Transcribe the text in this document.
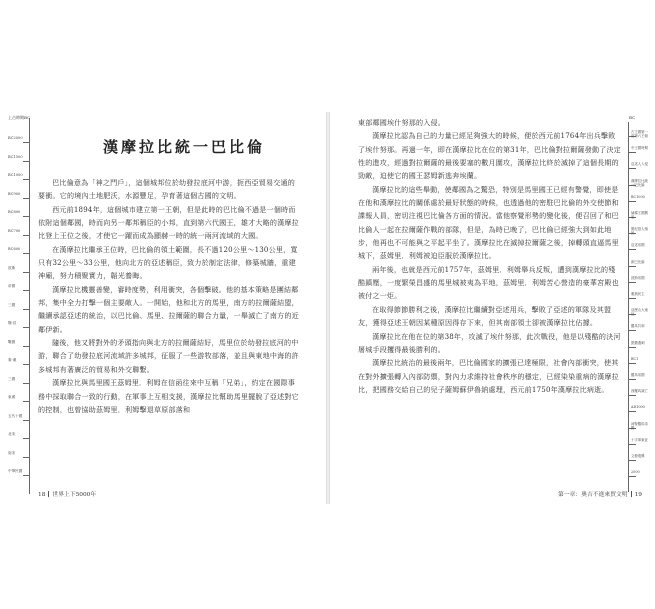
上古時期 BC
BC2000
BC1500
BC1000
BC900
BC800
BC700
BC600
波斯
帝國
三國
魏·晉
戰國
秦·漢
三國
東漢
五代十國
北宋
南宋
中華民國
漢摩拉比統一巴比倫

巴比倫意為「神之門戶」，這個城邦位於幼發拉底河中游，扼西亞貿易交通的要衝。它的境內土地肥沃，水源豐足，孕育著這個古國的文明。

西元前1894年，這個城市建立第一王朝，但是此時的巴比倫不過是一個時而依附這個鄰國，時而向另一鄰邦稱臣的小邦，直到第六代國王，雄才大略的漢摩拉比登上王位之後，才使它一躍而成為顯赫一時的統一兩河流域的大國。

在漢摩拉比繼承王位時，巴比倫的領土範圍，長不過120公里～130公里，寬只有32公里～33公里，他向北方的亞述稱臣，致力於制定法律，修築城牆，重建神廟，努力積聚實力，韜光養晦。

漢摩拉比機靈善變，審時度勢，利用衝突，各個擊破。他的基本策略是團結鄰邦，集中全力打擊一個主要敵人。一開始，他和北方的馬里，南方的拉爾薩結盟，繼續承認亞述的統治，以巴比倫、馬里、拉爾薩的聯合力量，一舉滅亡了南方的近鄰伊新。

隨後，他又將對外的矛頭指向與北方的拉爾薩結好，馬里位於幼發拉底河的中游，聯合了幼發拉底河流域許多城邦，征服了一些游牧部落，並且與東地中海的許多城邦有著廣泛的貿易和外交聯繫。

漢摩拉比與馬里國王茲姆里．利姆在信函往來中互稱「兄弟」，約定在國際事務中採取聯合一致的行動，在軍事上互相支援，漢摩拉比幫助馬里擺脫了亞述對它的控制，也曾協助茲姆里．利姆擊退草原部落和

18 世界上下5000年

東部鄰國埃什努那的入侵。

漢摩拉比認為自己的力量已經足夠強大的時候，便於西元前1764年出兵擊敗了埃什努那。再過一年，即在漢摩拉比在位的第31年，巴比倫對拉爾薩發動了決定性的進攻，經過對拉爾薩的最後要塞的數月圍攻，漢摩拉比終於滅掉了這個長期的勁敵，迫使它的國王瑟姆新逃奔埃蘭。

漢摩拉比的這些舉動，使鄰國為之驚恐，特別是馬里國王已經有警覺，即使是在他和漢摩拉比的關係處於最好狀態的時候，也透過他的密駐巴比倫的外交使節和諜報人員，密切注視巴比倫各方面的情況。當他察覺形勢的變化後，便召回了和巴比倫人一起在拉爾薩作戰的部隊，但是，為時已晚了，巴比倫已經強大到如此地步，他再也不可能與之平起平坐了。漢摩拉比在滅掉拉爾薩之後，掉轉頭直逼馬里城下，茲姆里．利姆被迫臣服於漢摩拉比。

兩年後，也就是西元前1757年，茲姆里．利姆舉兵反叛，遭到漢摩拉比的殘酷鎮壓，一度繁榮昌盛的馬里城被夷為平地，茲姆里．利姆苦心營造的豪華宮殿也被付之一炬。

在取得節節勝利之後，漢摩拉比繼續對亞述用兵，擊敗了亞述的軍隊及其盟友，獲得亞述王朝因某種原因得存下來，但其南部領土卻被漢摩拉比佔據。

漢摩拉比在他在位的第38年，攻滅了埃什努那，此次戰役，他是以殘酷的決河屠城手段攫得最後勝利的。

漢摩拉比統治的最後兩年，巴比倫國家的擴張已達極限，社會內部衝突，使其在對外擴張轉入內部防禦，對內力求維持社會秩序的穩定，已經染染重病的漢摩拉比，把國務交給自己的兒子薩姆蘇伊魯納處理，西元前1750年漢摩拉比病逝。

BC
古王國第一至第六王朝
中王國時期
亞述人入侵
漢摩拉比統一巴比倫
BC1000
赫梯王國興起
腓尼基人殖民
亞述帝國
新巴比倫
波斯帝國
雅典民主
亞歷山大東征
羅馬共和
凱撒遇刺
BC1
羅馬帝國
西羅馬滅亡
AD1000
神聖羅馬帝國
十字軍東征
文藝復興
2000
第一章：奧吉不進來貿文明 19
